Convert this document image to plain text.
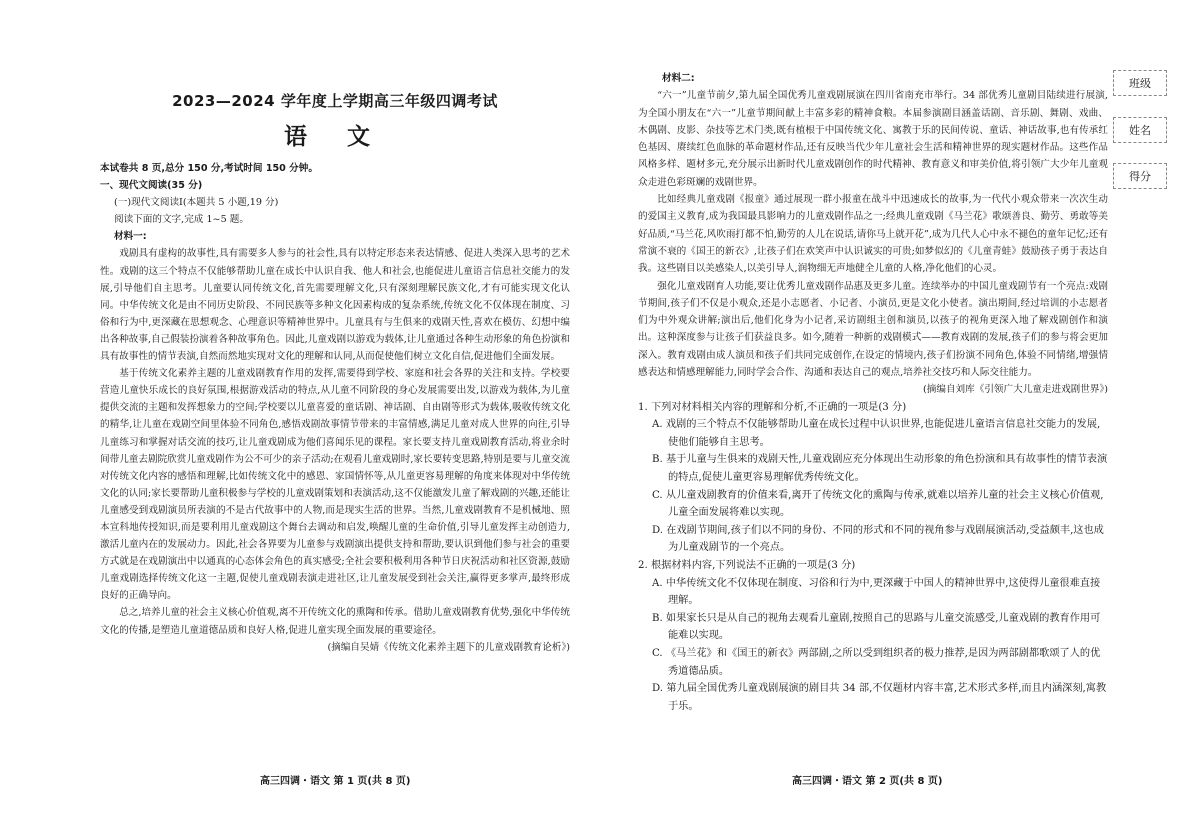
2023—2024 学年度上学期高三年级四调考试
语 文

本试卷共 8 页,总分 150 分,考试时间 150 分钟。

一、现代文阅读(35 分)

(一)现代文阅读Ⅰ(本题共 5 小题,19 分)

阅读下面的文字,完成 1~5 题。

材料一:

戏剧具有虚构的故事性,具有需要多人参与的社会性,具有以特定形态来表达情感、促进人类深入思考的艺术性。戏剧的这三个特点不仅能够帮助儿童在成长中认识自我、他人和社会,也能促进儿童语言信息社交能力的发展,引导他们自主思考。儿童要认同传统文化,首先需要理解文化,只有深刻理解民族文化,才有可能实现文化认同。中华传统文化是由不同历史阶段、不同民族等多种文化因素构成的复杂系统,传统文化不仅体现在制度、习俗和行为中,更深藏在思想观念、心理意识等精神世界中。儿童具有与生俱来的戏剧天性,喜欢在模仿、幻想中编出各种故事,自己假装扮演着各种故事角色。因此,儿童戏剧以游戏为载体,让儿童通过各种生动形象的角色扮演和具有故事性的情节表演,自然而然地实现对文化的理解和认同,从而促使他们树立文化自信,促进他们全面发展。

基于传统文化素养主题的儿童戏剧教育作用的发挥,需要得到学校、家庭和社会各界的关注和支持。学校要营造儿童快乐成长的良好氛围,根据游戏活动的特点,从儿童不同阶段的身心发展需要出发,以游戏为载体,为儿童提供交流的主题和发挥想象力的空间;学校要以儿童喜爱的童话剧、神话剧、自由剧等形式为载体,吸收传统文化的精华,让儿童在戏剧空间里体验不同角色,感悟戏剧故事情节带来的丰富情感,满足儿童对成人世界的向往,引导儿童练习和掌握对话交流的技巧,让儿童戏剧成为他们喜闻乐见的课程。家长要支持儿童戏剧教育活动,将业余时间带儿童去剧院欣赏儿童戏剧作为公不可少的亲子活动;在观看儿童戏剧时,家长要转变思路,特别是要与儿童交流对传统文化内容的感悟和理解,比如传统文化中的感恩、家国情怀等,从儿童更容易理解的角度来体现对中华传统文化的认同;家长要帮助儿童积极参与学校的儿童戏剧策划和表演活动,这不仅能激发儿童了解戏剧的兴趣,还能让儿童感受到戏剧演员所表演的不是古代故事中的人物,而是现实生活的世界。当然,儿童戏剧教育不是机械地、照本宣科地传授知识,而是要利用儿童戏剧这个舞台去调动和启发,唤醒儿童的生命价值,引导儿童发挥主动创造力,激活儿童内在的发展动力。因此,社会各界要为儿童参与戏剧演出提供支持和帮助,要认识到他们参与社会的重要方式就是在戏剧演出中以通真的心态体会角色的真实感受;全社会要积极利用各种节日庆祝活动和社区资源,鼓励儿童戏剧选择传统文化这一主题,促使儿童戏剧表演走进社区,让儿童发展受到社会关注,赢得更多掌声,最终形成良好的正确导向。

总之,培养儿童的社会主义核心价值观,离不开传统文化的熏陶和传承。借助儿童戏剧教育优势,强化中华传统文化的传播,是塑造儿童道德品质和良好人格,促进儿童实现全面发展的重要途径。

(摘编自吴婧《传统文化素养主题下的儿童戏剧教育论析》)

材料二:

“六一”儿童节前夕,第九届全国优秀儿童戏剧展演在四川省南充市举行。34 部优秀儿童剧目陆续进行展演,为全国小朋友在“六一”儿童节期间献上丰富多彩的精神食粮。本届参演剧目涵盖话剧、音乐剧、舞剧、戏曲、木偶剧、皮影、杂技等艺术门类,既有植根于中国传统文化、寓教于乐的民间传说、童话、神话故事,也有传承红色基因、赓续红色血脉的革命题材作品,还有反映当代少年儿童社会生活和精神世界的现实题材作品。这些作品风格多样、题材多元,充分展示出新时代儿童戏剧创作的时代精神、教育意义和审美价值,将引领广大少年儿童观众走进色彩斑斓的戏剧世界。

比如经典儿童戏剧《报童》通过展现一群小报童在战斗中迅速成长的故事,为一代代小观众带来一次次生动的爱国主义教育,成为我国最具影响力的儿童戏剧作品之一;经典儿童戏剧《马兰花》歌颂善良、勤劳、勇敢等美好品质,“马兰花,风吹雨打都不怕,勤劳的人儿在说话,请你马上就开花”,成为几代人心中永不褪色的童年记忆;还有常演不衰的《国王的新衣》,让孩子们在欢笑声中认识诚实的可贵;如梦似幻的《儿童青蛙》鼓励孩子勇于表达自我。这些剧目以美感染人,以美引导人,润物细无声地健全儿童的人格,净化他们的心灵。

强化儿童戏剧育人功能,要让优秀儿童戏剧作品惠及更多儿童。连续举办的中国儿童戏剧节有一个亮点:戏剧节期间,孩子们不仅是小观众,还是小志愿者、小记者、小演员,更是文化小使者。演出期间,经过培训的小志愿者们为中外观众讲解;演出后,他们化身为小记者,采访剧组主创和演员,以孩子的视角更深入地了解戏剧创作和演出。这种深度参与让孩子们获益良多。如今,随着一种新的戏剧模式——教育戏剧的发展,孩子们的参与将会更加深入。教育戏剧由成人演员和孩子们共同完成创作,在设定的情境内,孩子们扮演不同角色,体验不同情绪,增强情感表达和情感理解能力,同时学会合作、沟通和表达自己的观点,培养社交技巧和人际交往能力。

(摘编自刘库《引领广大儿童走进戏剧世界》)

1. 下列对材料相关内容的理解和分析,不正确的一项是(3 分)

A. 戏剧的三个特点不仅能够帮助儿童在成长过程中认识世界,也能促进儿童语言信息社交能力的发展,使他们能够自主思考。

B. 基于儿童与生俱来的戏剧天性,儿童戏剧应充分体现出生动形象的角色扮演和具有故事性的情节表演的特点,促使儿童更容易理解优秀传统文化。

C. 从儿童戏剧教育的价值来看,离开了传统文化的熏陶与传承,就难以培养儿童的社会主义核心价值观,儿童全面发展将难以实现。

D. 在戏剧节期间,孩子们以不同的身份、不同的形式和不同的视角参与戏剧展演活动,受益颇丰,这也成为儿童戏剧节的一个亮点。

2. 根据材料内容,下列说法不正确的一项是(3 分)

A. 中华传统文化不仅体现在制度、习俗和行为中,更深藏于中国人的精神世界中,这使得儿童很难直接理解。

B. 如果家长只是从自己的视角去观看儿童剧,按照自己的思路与儿童交流感受,儿童戏剧的教育作用可能难以实现。

C. 《马兰花》和《国王的新衣》两部剧,之所以受到组织者的极力推荐,是因为两部剧都歌颂了人的优秀道德品质。

D. 第九届全国优秀儿童戏剧展演的剧目共 34 部,不仅题材内容丰富,艺术形式多样,而且内涵深刻,寓教于乐。

高三四调・语文 第 1 页(共 8 页)	高三四调・语文 第 2 页(共 8 页)
班级
姓名
得分
